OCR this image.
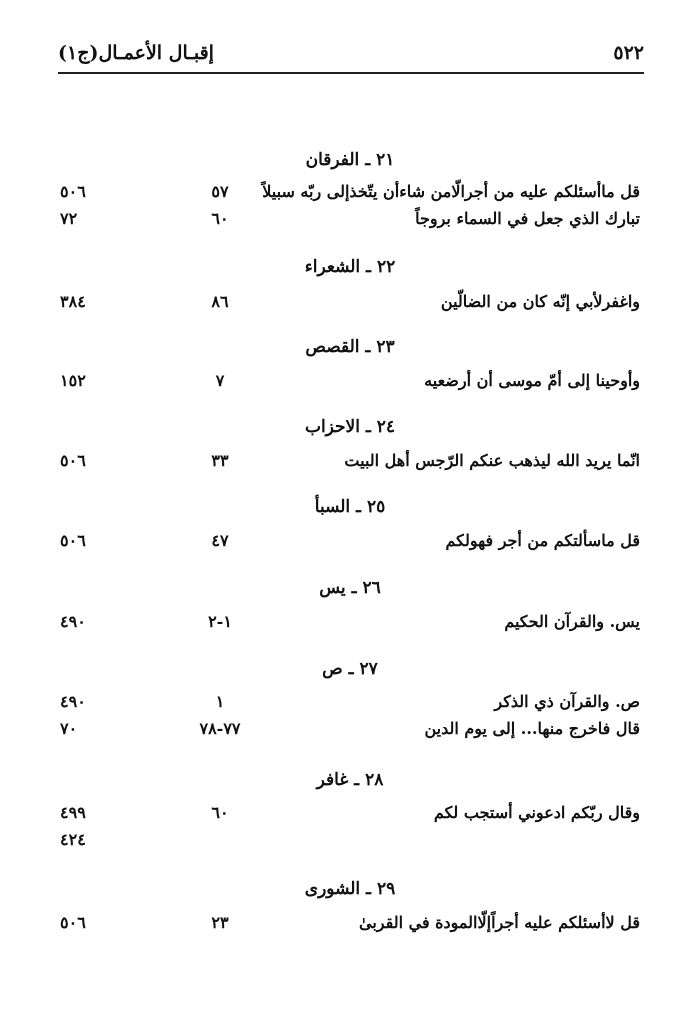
إقبـال الأعمـال(ج١)	٥٢٢
٢١ ـ الفرقان
قل ماأسئلكم عليه من أجرالّامن شاءأن يتّخذإلى ربّه سبيلاً
٥٧
٥٠٦
تبارك الذي جعل في السماء بروجاً
٦٠
٧٢
٢٢ ـ الشعراء
واغفرلأبي إنّه كان من الضالّين
٨٦
٣٨٤
٢٣ ـ القصص
وأوحينا إلى أمّ موسى أن أرضعيه
٧
١٥٢
٢٤ ـ الاحزاب
انّما يريد الله ليذهب عنكم الرّجس أهل البيت
٣٣
٥٠٦
٢٥ ـ السبأ
قل ماسألتكم من أجر فهولكم
٤٧
٥٠٦
٢٦ ـ يس
يس. والقرآن الحكيم
١-٢
٤٩٠
٢٧ ـ ص
ص. والقرآن ذي الذكر
١
٤٩٠
قال فاخرج منها... إلى يوم الدين
٧٧-٧٨
٧٠
٢٨ ـ غافر
وقال ربّكم ادعوني أستجب لكم
٦٠
٤٩٩
٤٢٤
٢٩ ـ الشورى
قل لاأسئلكم عليه أجراًإلّاالمودة في القربىٰ
٢٣
٥٠٦
